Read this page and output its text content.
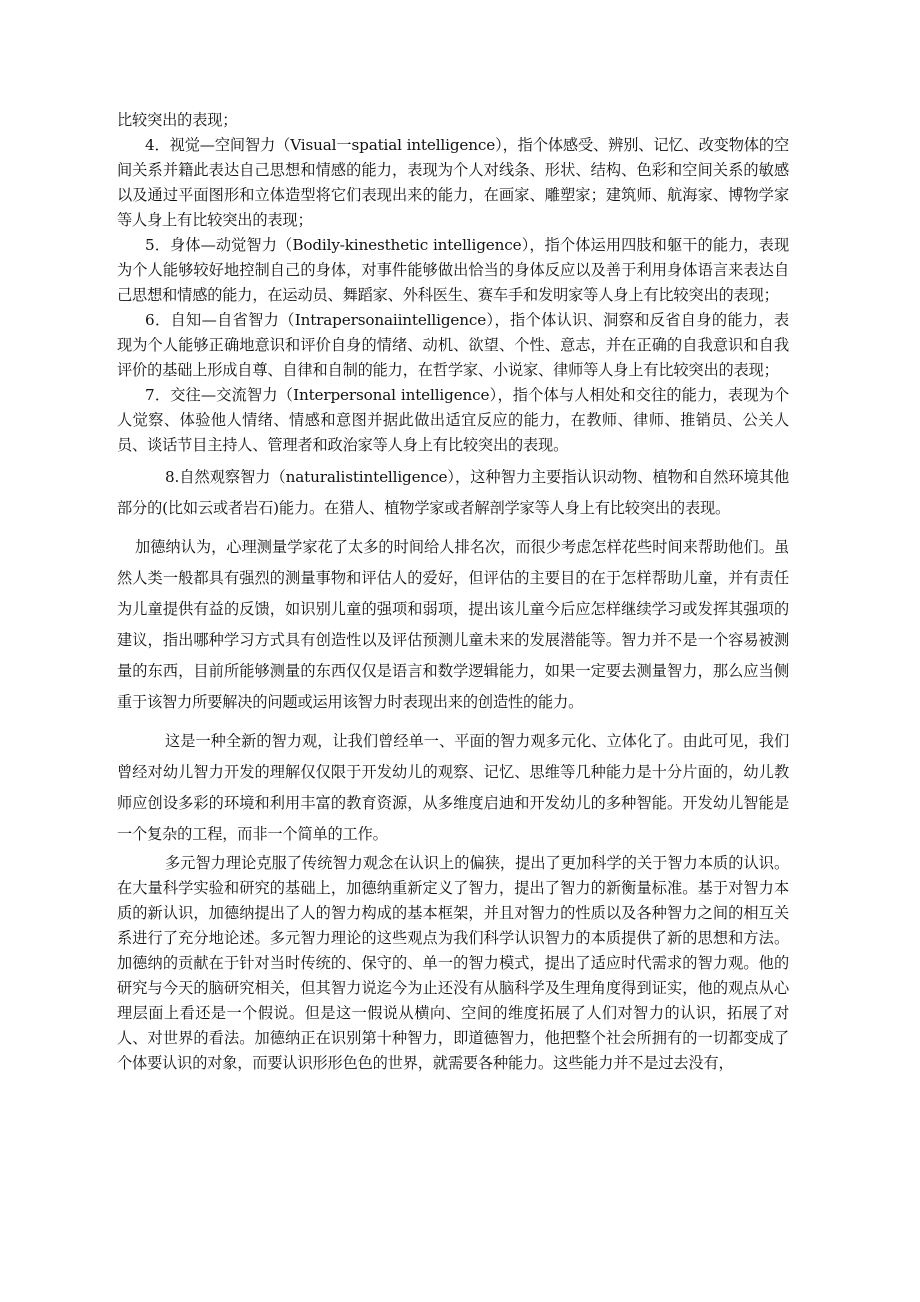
比较突出的表现；

4．视觉—空间智力（Visual一spatial intelligence），指个体感受、辨别、记忆、改变物体的空间关系并籍此表达自己思想和情感的能力，表现为个人对线条、形状、结构、色彩和空间关系的敏感以及通过平面图形和立体造型将它们表现出来的能力，在画家、雕塑家；建筑师、航海家、博物学家等人身上有比较突出的表现；

5．身体—动觉智力（Bodily-kinesthetic intelligence），指个体运用四肢和躯干的能力，表现为个人能够较好地控制自己的身体，对事件能够做出恰当的身体反应以及善于利用身体语言来表达自己思想和情感的能力，在运动员、舞蹈家、外科医生、赛车手和发明家等人身上有比较突出的表现；

6．自知—自省智力（Intrapersonaiintelligence），指个体认识、洞察和反省自身的能力，表现为个人能够正确地意识和评价自身的情绪、动机、欲望、个性、意志，并在正确的自我意识和自我评价的基础上形成自尊、自律和自制的能力，在哲学家、小说家、律师等人身上有比较突出的表现；

7．交往—交流智力（Interpersonal intelligence），指个体与人相处和交往的能力，表现为个人觉察、体验他人情绪、情感和意图并据此做出适宜反应的能力，在教师、律师、推销员、公关人员、谈话节目主持人、管理者和政治家等人身上有比较突出的表现。

8.自然观察智力（naturalistintelligence），这种智力主要指认识动物、植物和自然环境其他部分的(比如云或者岩石)能力。在猎人、植物学家或者解剖学家等人身上有比较突出的表现。

加德纳认为，心理测量学家花了太多的时间给人排名次，而很少考虑怎样花些时间来帮助他们。虽然人类一般都具有强烈的测量事物和评估人的爱好，但评估的主要目的在于怎样帮助儿童，并有责任为儿童提供有益的反馈，如识别儿童的强项和弱项，提出该儿童今后应怎样继续学习或发挥其强项的建议，指出哪种学习方式具有创造性以及评估预测儿童未来的发展潜能等。智力并不是一个容易被测量的东西，目前所能够测量的东西仅仅是语言和数学逻辑能力，如果一定要去测量智力，那么应当侧重于该智力所要解决的问题或运用该智力时表现出来的创造性的能力。

这是一种全新的智力观，让我们曾经单一、平面的智力观多元化、立体化了。由此可见，我们曾经对幼儿智力开发的理解仅仅限于开发幼儿的观察、记忆、思维等几种能力是十分片面的，幼儿教师应创设多彩的环境和利用丰富的教育资源，从多维度启迪和开发幼儿的多种智能。开发幼儿智能是一个复杂的工程，而非一个简单的工作。

多元智力理论克服了传统智力观念在认识上的偏狭，提出了更加科学的关于智力本质的认识。在大量科学实验和研究的基础上，加德纳重新定义了智力，提出了智力的新衡量标准。基于对智力本质的新认识，加德纳提出了人的智力构成的基本框架，并且对智力的性质以及各种智力之间的相互关系进行了充分地论述。多元智力理论的这些观点为我们科学认识智力的本质提供了新的思想和方法。加德纳的贡献在于针对当时传统的、保守的、单一的智力模式，提出了适应时代需求的智力观。他的研究与今天的脑研究相关，但其智力说迄今为止还没有从脑科学及生理角度得到证实，他的观点从心理层面上看还是一个假说。但是这一假说从横向、空间的维度拓展了人们对智力的认识，拓展了对人、对世界的看法。加德纳正在识别第十种智力，即道德智力，他把整个社会所拥有的一切都变成了个体要认识的对象，而要认识形形色色的世界，就需要各种能力。这些能力并不是过去没有，
